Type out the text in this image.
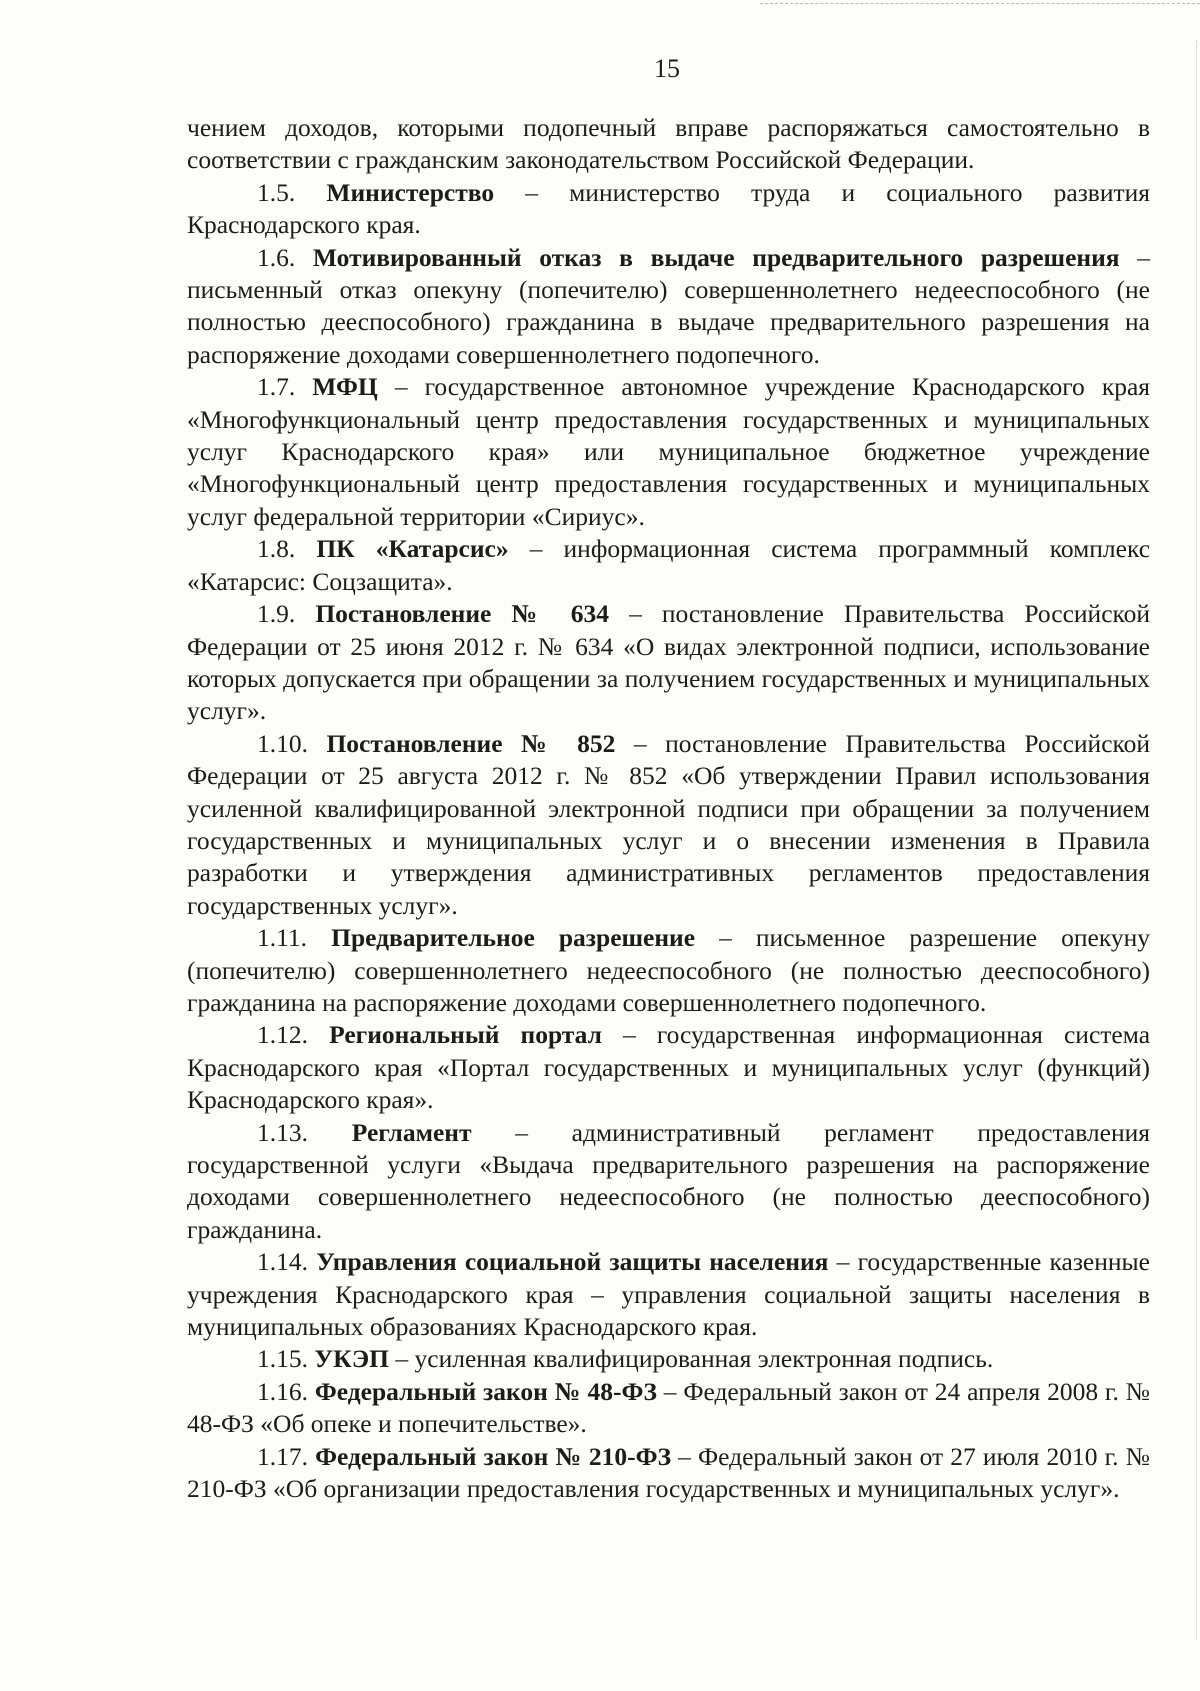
15

чением доходов, которыми подопечный вправе распоряжаться самостоятельно в соответствии с гражданским законодательством Российской Федерации.

1.5. Министерство – министерство труда и социального развития Краснодарского края.

1.6. Мотивированный отказ в выдаче предварительного разрешения – письменный отказ опекуну (попечителю) совершеннолетнего недееспособного (не полностью дееспособного) гражданина в выдаче предварительного разрешения на распоряжение доходами совершеннолетнего подопечного.

1.7. МФЦ – государственное автономное учреждение Краснодарского края «Многофункциональный центр предоставления государственных и муниципальных услуг Краснодарского края» или муниципальное бюджетное учреждение «Многофункциональный центр предоставления государственных и муниципальных услуг федеральной территории «Сириус».

1.8. ПК «Катарсис» – информационная система программный комплекс «Катарсис: Соцзащита».

1.9. Постановление № 634 – постановление Правительства Российской Федерации от 25 июня 2012 г. № 634 «О видах электронной подписи, использование которых допускается при обращении за получением государственных и муниципальных услуг».

1.10. Постановление № 852 – постановление Правительства Российской Федерации от 25 августа 2012 г. № 852 «Об утверждении Правил использования усиленной квалифицированной электронной подписи при обращении за получением государственных и муниципальных услуг и о внесении изменения в Правила разработки и утверждения административных регламентов предоставления государственных услуг».

1.11. Предварительное разрешение – письменное разрешение опекуну (попечителю) совершеннолетнего недееспособного (не полностью дееспособного) гражданина на распоряжение доходами совершеннолетнего подопечного.

1.12. Региональный портал – государственная информационная система Краснодарского края «Портал государственных и муниципальных услуг (функций) Краснодарского края».

1.13. Регламент – административный регламент предоставления государственной услуги «Выдача предварительного разрешения на распоряжение доходами совершеннолетнего недееспособного (не полностью дееспособного) гражданина.

1.14. Управления социальной защиты населения – государственные казенные учреждения Краснодарского края – управления социальной защиты населения в муниципальных образованиях Краснодарского края.

1.15. УКЭП – усиленная квалифицированная электронная подпись.

1.16. Федеральный закон № 48-ФЗ – Федеральный закон от 24 апреля 2008 г. № 48-ФЗ «Об опеке и попечительстве».

1.17. Федеральный закон № 210-ФЗ – Федеральный закон от 27 июля 2010 г. № 210-ФЗ «Об организации предоставления государственных и муниципальных услуг».
